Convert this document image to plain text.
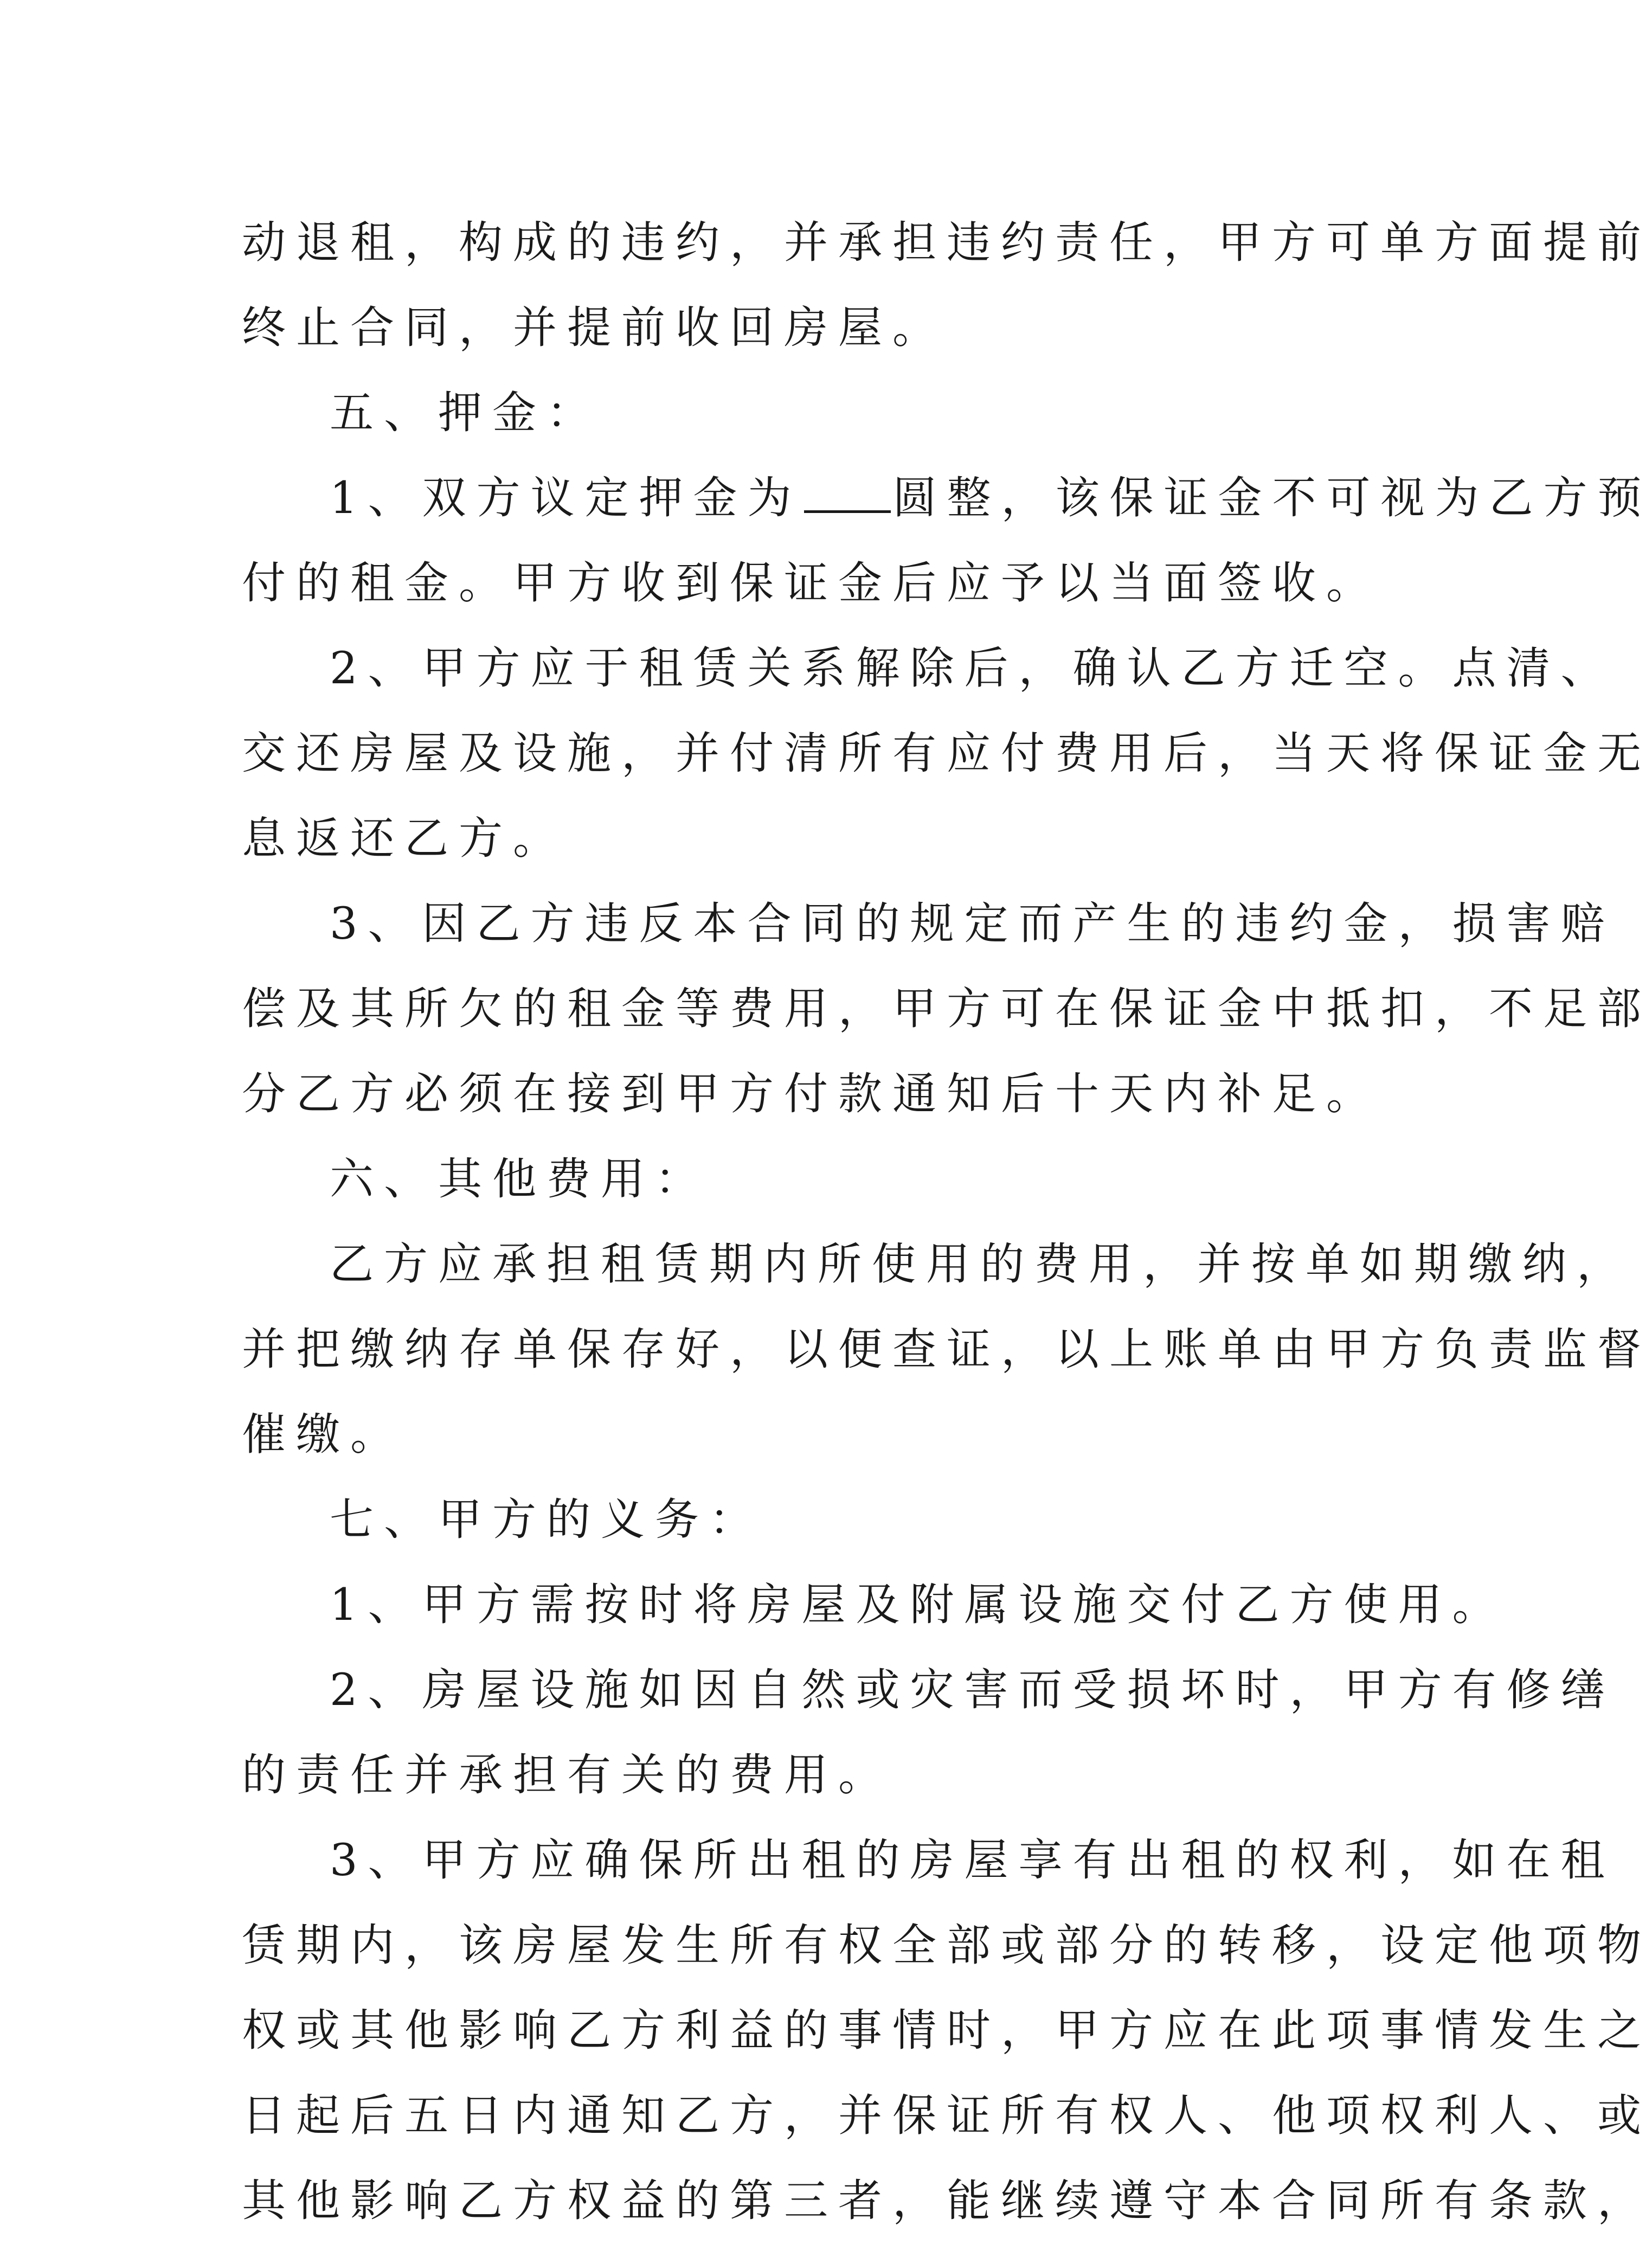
动退租，构成的违约，并承担违约责任，甲方可单方面提前
终止合同，并提前收回房屋。
五、押金：
1、双方议定押金为 圆整，该保证金不可视为乙方预
付的租金。甲方收到保证金后应予以当面签收。
2、甲方应于租赁关系解除后，确认乙方迁空。点清、
交还房屋及设施，并付清所有应付费用后，当天将保证金无
息返还乙方。
3、因乙方违反本合同的规定而产生的违约金，损害赔
偿及其所欠的租金等费用，甲方可在保证金中抵扣，不足部
分乙方必须在接到甲方付款通知后十天内补足。
六、其他费用：
乙方应承担租赁期内所使用的费用，并按单如期缴纳，
并把缴纳存单保存好，以便查证，以上账单由甲方负责监督
催缴。
七、甲方的义务：
1、甲方需按时将房屋及附属设施交付乙方使用。
2、房屋设施如因自然或灾害而受损坏时，甲方有修缮
的责任并承担有关的费用。
3、甲方应确保所出租的房屋享有出租的权利，如在租
赁期内，该房屋发生所有权全部或部分的转移，设定他项物
权或其他影响乙方利益的事情时，甲方应在此项事情发生之
日起后五日内通知乙方，并保证所有权人、他项权利人、或
其他影响乙方权益的第三者，能继续遵守本合同所有条款，
